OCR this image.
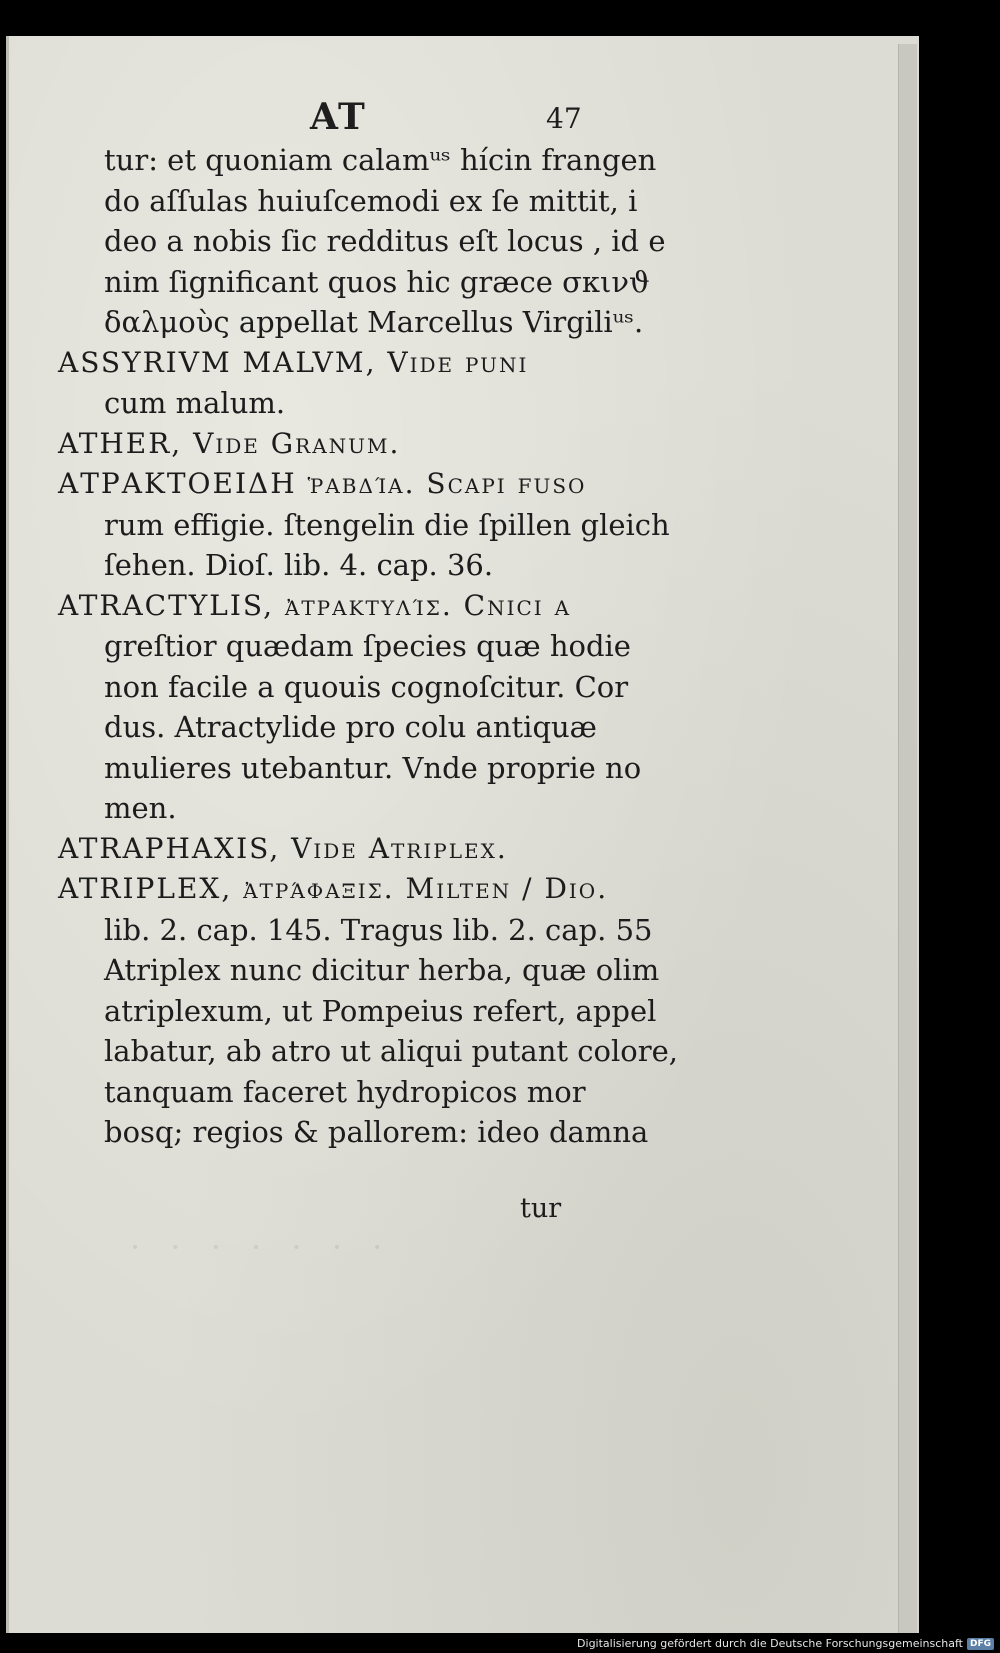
AT	47
tur: et quoniam calamᵘˢ hícin frangen
do aſſulas huiuſcemodi ex ſe mittit, i
deo a nobis ſic redditus eſt locus , id e
nim ſignificant quos hic græce σκινϑ
δαλμοὺς appellat Marcellus Virgiliᵘˢ.
ASSYRIVM MALVM, Vide puni
cum malum.
ATHER, Vide Granum.
ΑΤΡΑΚΤΟΕΙΔΗ ῥαβδία. Scapi fuſo
rum effigie. ſtengelin die ſpillen gleich
ſehen. Dioſ. lib. 4. cap. 36.
ATRACTYLIS, ἀτρακτυλίς. Cnici a
greſtior quædam ſpecies quæ hodie
non facile a quouis cognoſcitur. Cor
dus. Atractylide pro colu antiquæ
mulieres utebantur. Vnde proprie no
men.
ATRAPHAXIS, Vide Atriplex.
ATRIPLEX, ἀτράφαξις. Milten / Dio.
lib. 2. cap. 145. Tragus lib. 2. cap. 55
Atriplex nunc dicitur herba, quæ olim
atriplexum, ut Pompeius refert, appel
labatur, ab atro ut aliqui putant colore,
tanquam faceret hydropicos mor
bosq; regios & pallorem: ideo damna
tur
· · · · · · ·
Digitalisierung gefördert durch die Deutsche Forschungsgemeinschaft DFG
